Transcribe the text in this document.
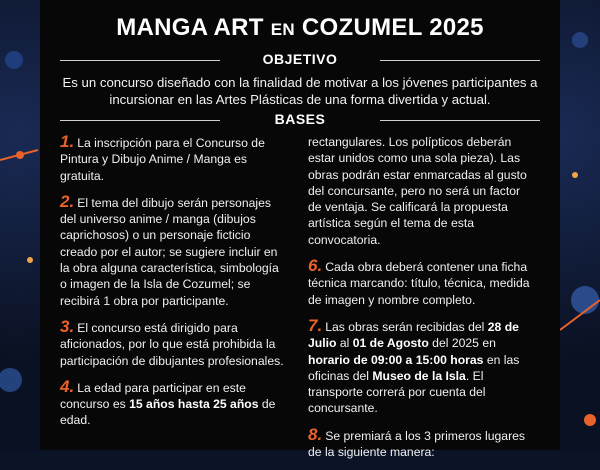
MANGA ART EN COZUMEL 2025
OBJETIVO
Es un concurso diseñado con la finalidad de motivar a los jóvenes participantes a incursionar en las Artes Plásticas de una forma divertida y actual.
BASES

1. La inscripción para el Concurso de Pintura y Dibujo Anime / Manga es gratuita.

2. El tema del dibujo serán personajes del universo anime / manga (dibujos caprichosos) o un personaje ficticio creado por el autor; se sugiere incluir en la obra alguna característica, simbología o imagen de la Isla de Cozumel; se recibirá 1 obra por participante.

3. El concurso está dirigido para aficionados, por lo que está prohibida la participación de dibujantes profesionales.

4. La edad para participar en este concurso es 15 años hasta 25 años de edad.

rectangulares. Los polípticos deberán estar unidos como una sola pieza). Las obras podrán estar enmarcadas al gusto del concursante, pero no será un factor de ventaja. Se calificará la propuesta artística según el tema de esta convocatoria.

6. Cada obra deberá contener una ficha técnica marcando: título, técnica, medida de imagen y nombre completo.

7. Las obras serán recibidas del 28 de Julio al 01 de Agosto del 2025 en horario de 09:00 a 15:00 horas en las oficinas del Museo de la Isla. El transporte correrá por cuenta del concursante.

8. Se premiará a los 3 primeros lugares de la siguiente manera:
